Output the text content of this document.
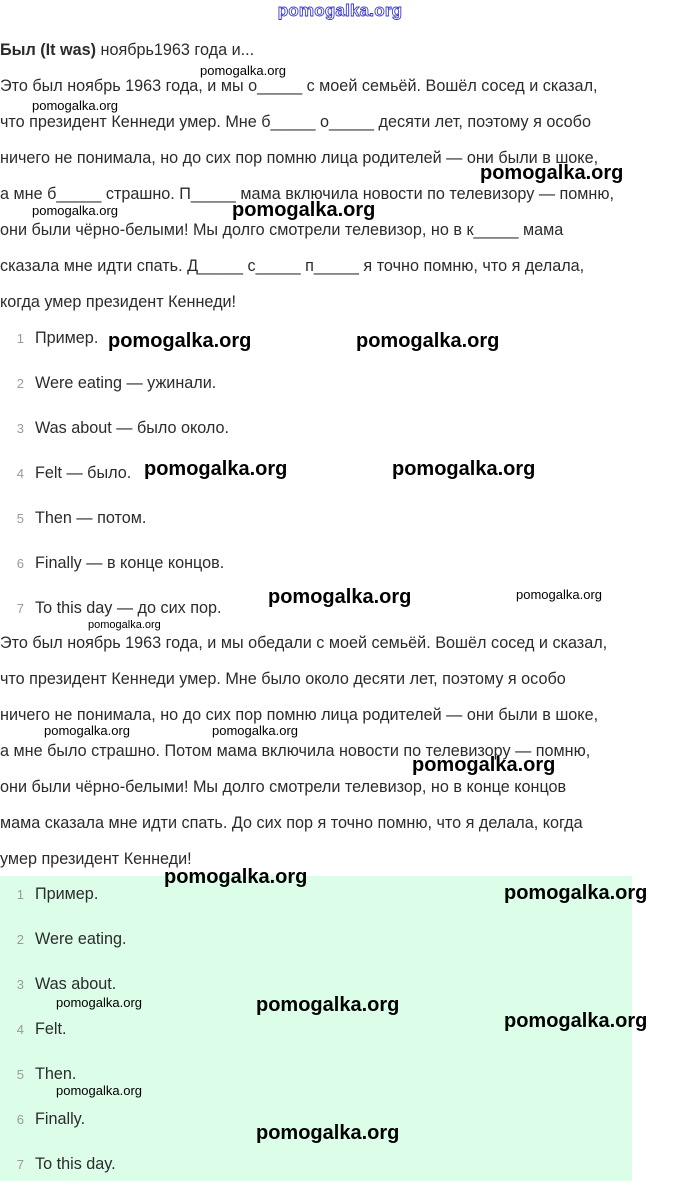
pomogalka.org
Был (It was) ноябрь1963 года и...

Это был ноябрь 1963 года, и мы о_____ с моей семьёй. Вошёл сосед и сказал,

что президент Кеннеди умер. Мне б_____ о_____ десяти лет, поэтому я особо

ничего не понимала, но до сих пор помню лица родителей — они были в шоке,

а мне б_____ страшно. П_____ мама включила новости по телевизору — помню,

они были чёрно-белыми! Мы долго смотрели телевизор, но в к_____ мама

сказала мне идти спать. Д_____ с_____ п_____ я точно помню, что я делала,

когда умер президент Кеннеди!

1 Пример.
2 Were eating — ужинали.
3 Was about — было около.
4 Felt — было.
5 Then — потом.
6 Finally — в конце концов.
7 To this day — до сих пор.

Это был ноябрь 1963 года, и мы обедали с моей семьёй. Вошёл сосед и сказал,

что президент Кеннеди умер. Мне было около десяти лет, поэтому я особо

ничего не понимала, но до сих пор помню лица родителей — они были в шоке,

а мне было страшно. Потом мама включила новости по телевизору — помню,

они были чёрно-белыми! Мы долго смотрели телевизор, но в конце концов

мама сказала мне идти спать. До сих пор я точно помню, что я делала, когда

умер президент Кеннеди!

1 Пример.
2 Were eating.
3 Was about.
4 Felt.
5 Then.
6 Finally.
7 To this day.
pomogalka.org
pomogalka.org
pomogalka.org
pomogalka.org	pomogalka.org
pomogalka.org	pomogalka.org
pomogalka.org	pomogalka.org
pomogalka.org	pomogalka.org
pomogalka.org
pomogalka.org	pomogalka.org
pomogalka.org
pomogalka.org
pomogalka.org
pomogalka.org	pomogalka.org
pomogalka.org
pomogalka.org
pomogalka.org
